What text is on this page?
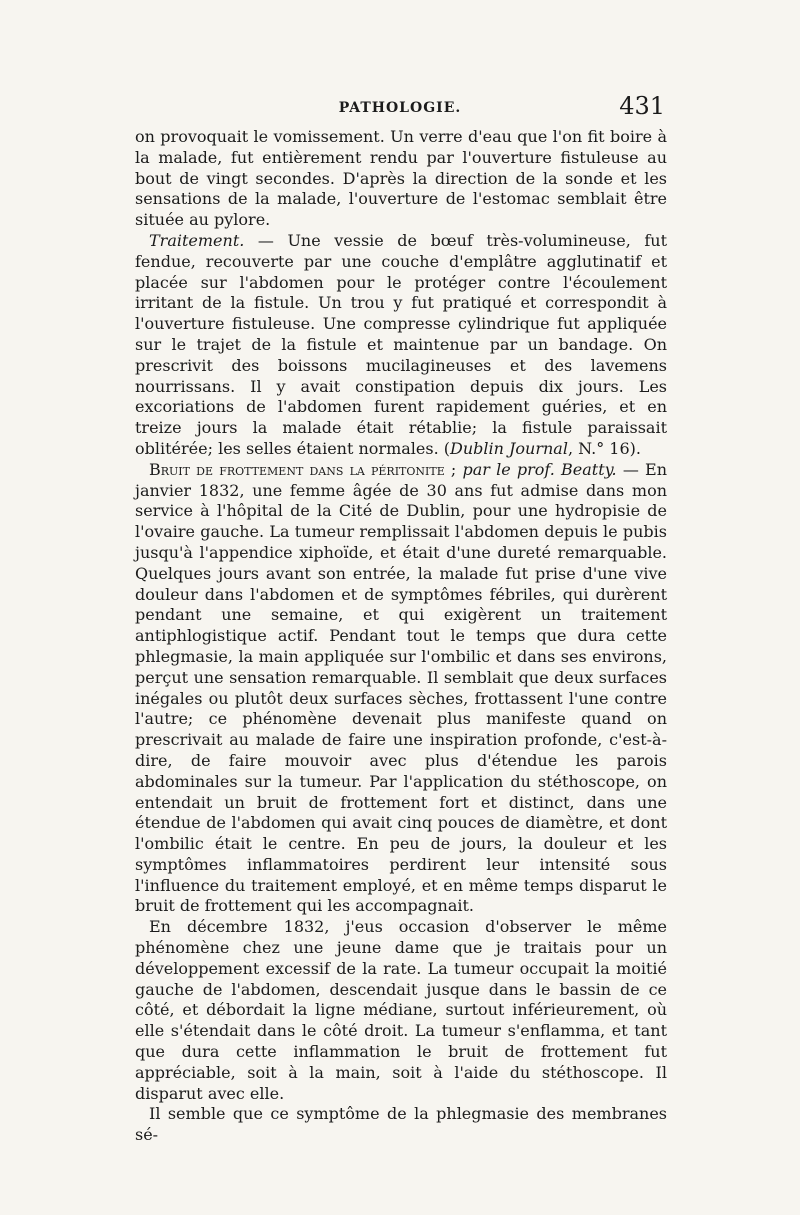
PATHOLOGIE.	431

on provoquait le vomissement. Un verre d'eau que l'on fit boire à la malade, fut entièrement rendu par l'ouverture fistuleuse au bout de vingt secondes. D'après la direction de la sonde et les sensations de la malade, l'ouverture de l'estomac semblait être située au pylore.

Traitement. — Une vessie de bœuf très-volumineuse, fut fendue, recouverte par une couche d'emplâtre agglutinatif et placée sur l'abdomen pour le protéger contre l'écoulement irritant de la fistule. Un trou y fut pratiqué et correspondit à l'ouverture fistuleuse. Une compresse cylindrique fut appliquée sur le trajet de la fistule et maintenue par un bandage. On prescrivit des boissons mucilagineuses et des lavemens nourrissans. Il y avait constipation depuis dix jours. Les excoriations de l'abdomen furent rapidement guéries, et en treize jours la malade était rétablie; la fistule paraissait oblitérée; les selles étaient normales. (Dublin Journal, N.° 16).

Bruit de frottement dans la péritonite ; par le prof. Beatty. — En janvier 1832, une femme âgée de 30 ans fut admise dans mon service à l'hôpital de la Cité de Dublin, pour une hydropisie de l'ovaire gauche. La tumeur remplissait l'abdomen depuis le pubis jusqu'à l'appendice xiphoïde, et était d'une dureté remarquable. Quelques jours avant son entrée, la malade fut prise d'une vive douleur dans l'abdomen et de symptômes fébriles, qui durèrent pendant une semaine, et qui exigèrent un traitement antiphlogistique actif. Pendant tout le temps que dura cette phlegmasie, la main appliquée sur l'ombilic et dans ses environs, perçut une sensation remarquable. Il semblait que deux surfaces inégales ou plutôt deux surfaces sèches, frottassent l'une contre l'autre; ce phénomène devenait plus manifeste quand on prescrivait au malade de faire une inspiration profonde, c'est-à-dire, de faire mouvoir avec plus d'étendue les parois abdominales sur la tumeur. Par l'application du stéthoscope, on entendait un bruit de frottement fort et distinct, dans une étendue de l'abdomen qui avait cinq pouces de diamètre, et dont l'ombilic était le centre. En peu de jours, la douleur et les symptômes inflammatoires perdirent leur intensité sous l'influence du traitement employé, et en même temps disparut le bruit de frottement qui les accompagnait.

En décembre 1832, j'eus occasion d'observer le même phénomène chez une jeune dame que je traitais pour un développement excessif de la rate. La tumeur occupait la moitié gauche de l'abdomen, descendait jusque dans le bassin de ce côté, et débordait la ligne médiane, surtout inférieurement, où elle s'étendait dans le côté droit. La tumeur s'enflamma, et tant que dura cette inflammation le bruit de frottement fut appréciable, soit à la main, soit à l'aide du stéthoscope. Il disparut avec elle.

Il semble que ce symptôme de la phlegmasie des membranes sé-
